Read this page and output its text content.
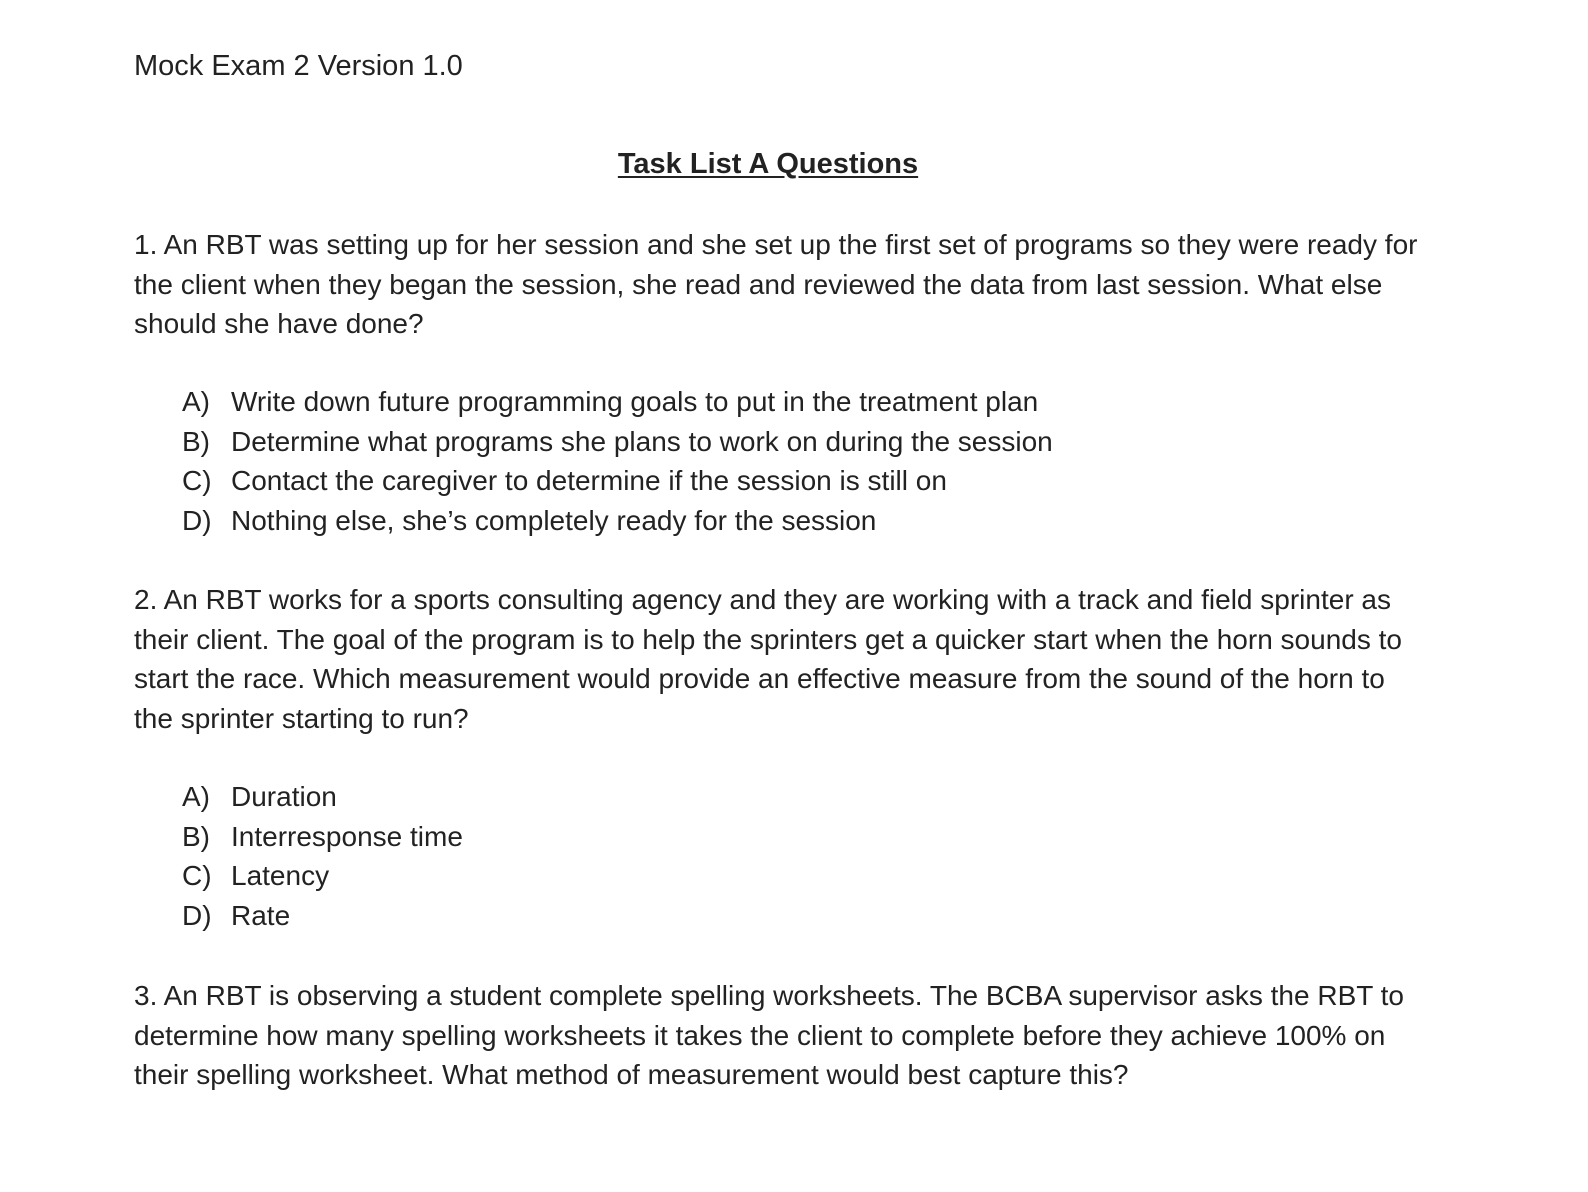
Mock Exam 2 Version 1.0
Task List A Questions
1. An RBT was setting up for her session and she set up the first set of programs so they were ready for the client when they began the session, she read and reviewed the data from last session. What else should she have done?
A) Write down future programming goals to put in the treatment plan
B) Determine what programs she plans to work on during the session
C) Contact the caregiver to determine if the session is still on
D) Nothing else, she’s completely ready for the session
2. An RBT works for a sports consulting agency and they are working with a track and field sprinter as their client. The goal of the program is to help the sprinters get a quicker start when the horn sounds to start the race. Which measurement would provide an effective measure from the sound of the horn to the sprinter starting to run?
A) Duration
B) Interresponse time
C) Latency
D) Rate
3. An RBT is observing a student complete spelling worksheets. The BCBA supervisor asks the RBT to determine how many spelling worksheets it takes the client to complete before they achieve 100% on their spelling worksheet. What method of measurement would best capture this?
